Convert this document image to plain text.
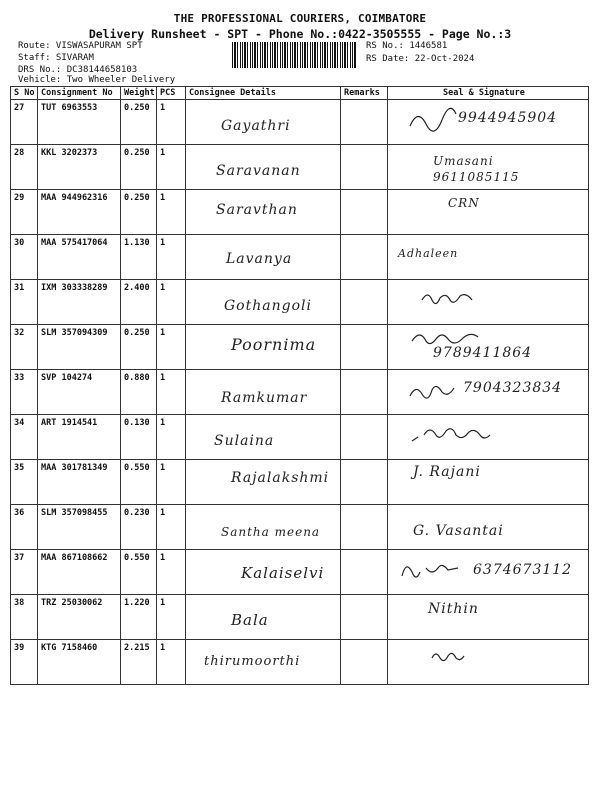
THE PROFESSIONAL COURIERS, COIMBATORE
Delivery Runsheet - SPT - Phone No.:0422-3505555 - Page No.:3
Route: VISWASAPURAM SPT
Staff: SIVARAM
DRS No.: DC38144658103
Vehicle: Two Wheeler Delivery
RS No.: 1446581
RS Date: 22-Oct-2024
S No	Consignment No	Weight	PCS	Consignee Details	Remarks	Seal & Signature
27	TUT 6963553	0.250	1	Gayathri		9944945904

28	KKL 3202373	0.250	1	Saravanan		Umasani 9611085115

29	MAA 944962316	0.250	1	Saravthan		CRN

30	MAA 575417064	1.130	1	Lavanya		Adhaleen

31	IXM 303338289	2.400	1	Gothangoli

32	SLM 357094309	0.250	1	Poornima		9789411864

33	SVP 104274	0.880	1	Ramkumar		7904323834

34	ART 1914541	0.130	1	Sulaina

35	MAA 301781349	0.550	1	Rajalakshmi		J. Rajani

36	SLM 357098455	0.230	1	Santha meena		G. Vasantai

37	MAA 867108662	0.550	1	Kalaiselvi		6374673112

38	TRZ 25030062	1.220	1	Bala		Nithin

39	KTG 7158460	2.215	1	thirumoorthi
